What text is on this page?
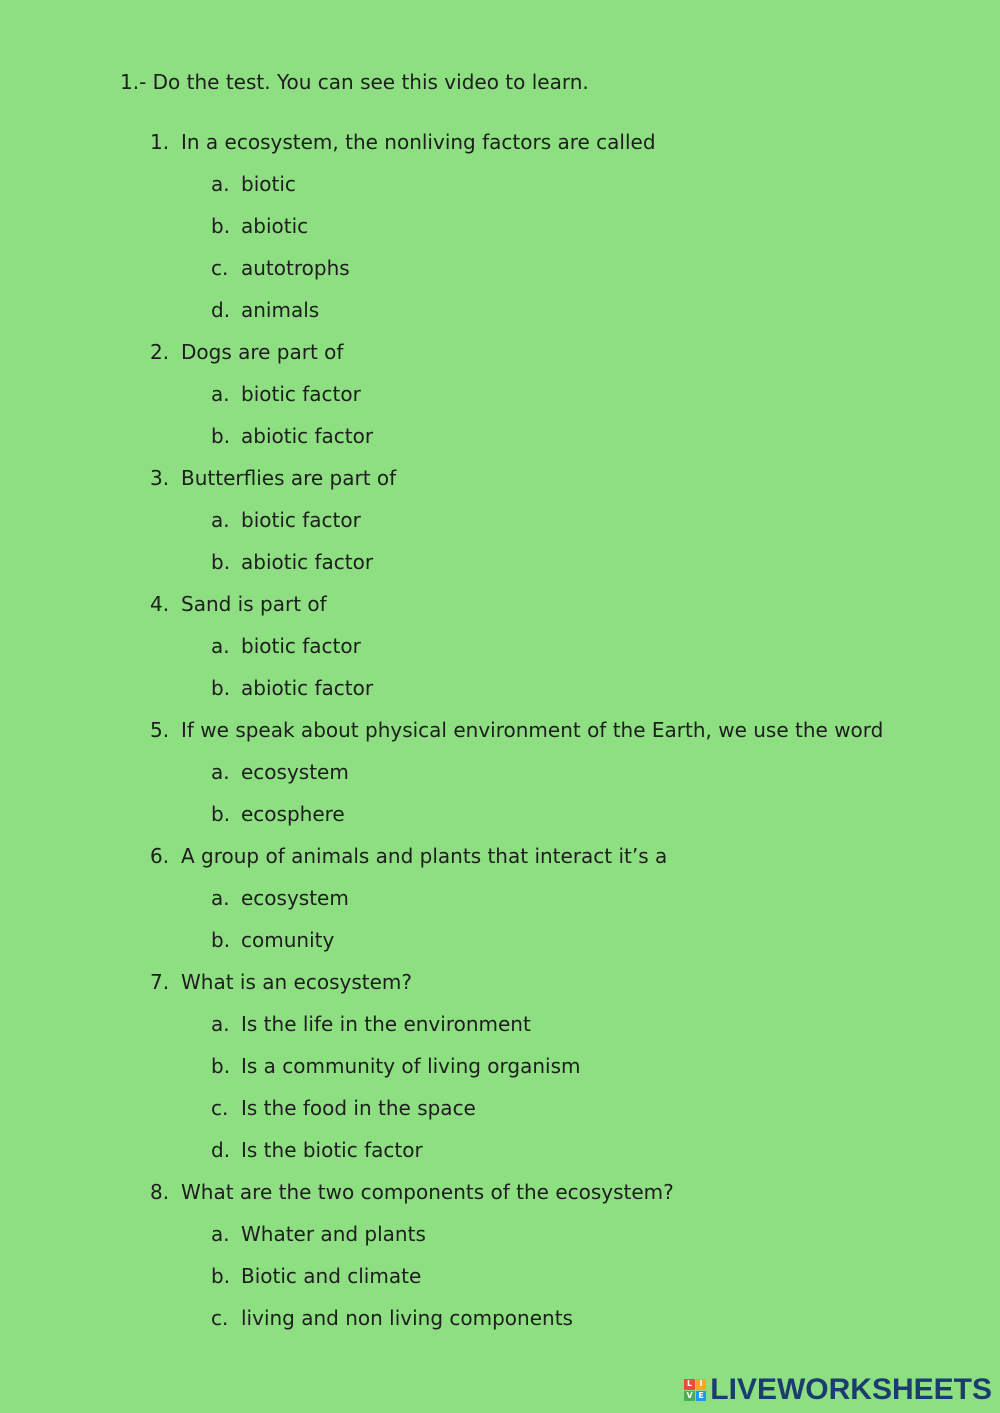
1.- Do the test. You can see this video to learn.

1. In a ecosystem, the nonliving factors are called
a. biotic
b. abiotic
c. autotrophs
d. animals
2. Dogs are part of
a. biotic factor
b. abiotic factor
3. Butterflies are part of
a. biotic factor
b. abiotic factor
4. Sand is part of
a. biotic factor
b. abiotic factor
5. If we speak about physical environment of the Earth, we use the word
a. ecosystem
b. ecosphere
6. A group of animals and plants that interact it’s a
a. ecosystem
b. comunity
7. What is an ecosystem?
a. Is the life in the environment
b. Is a community of living organism
c. Is the food in the space
d. Is the biotic factor
8. What are the two components of the ecosystem?
a. Whater and plants
b. Biotic and climate
c. living and non living components
L I
V E LIVEWORKSHEETS
